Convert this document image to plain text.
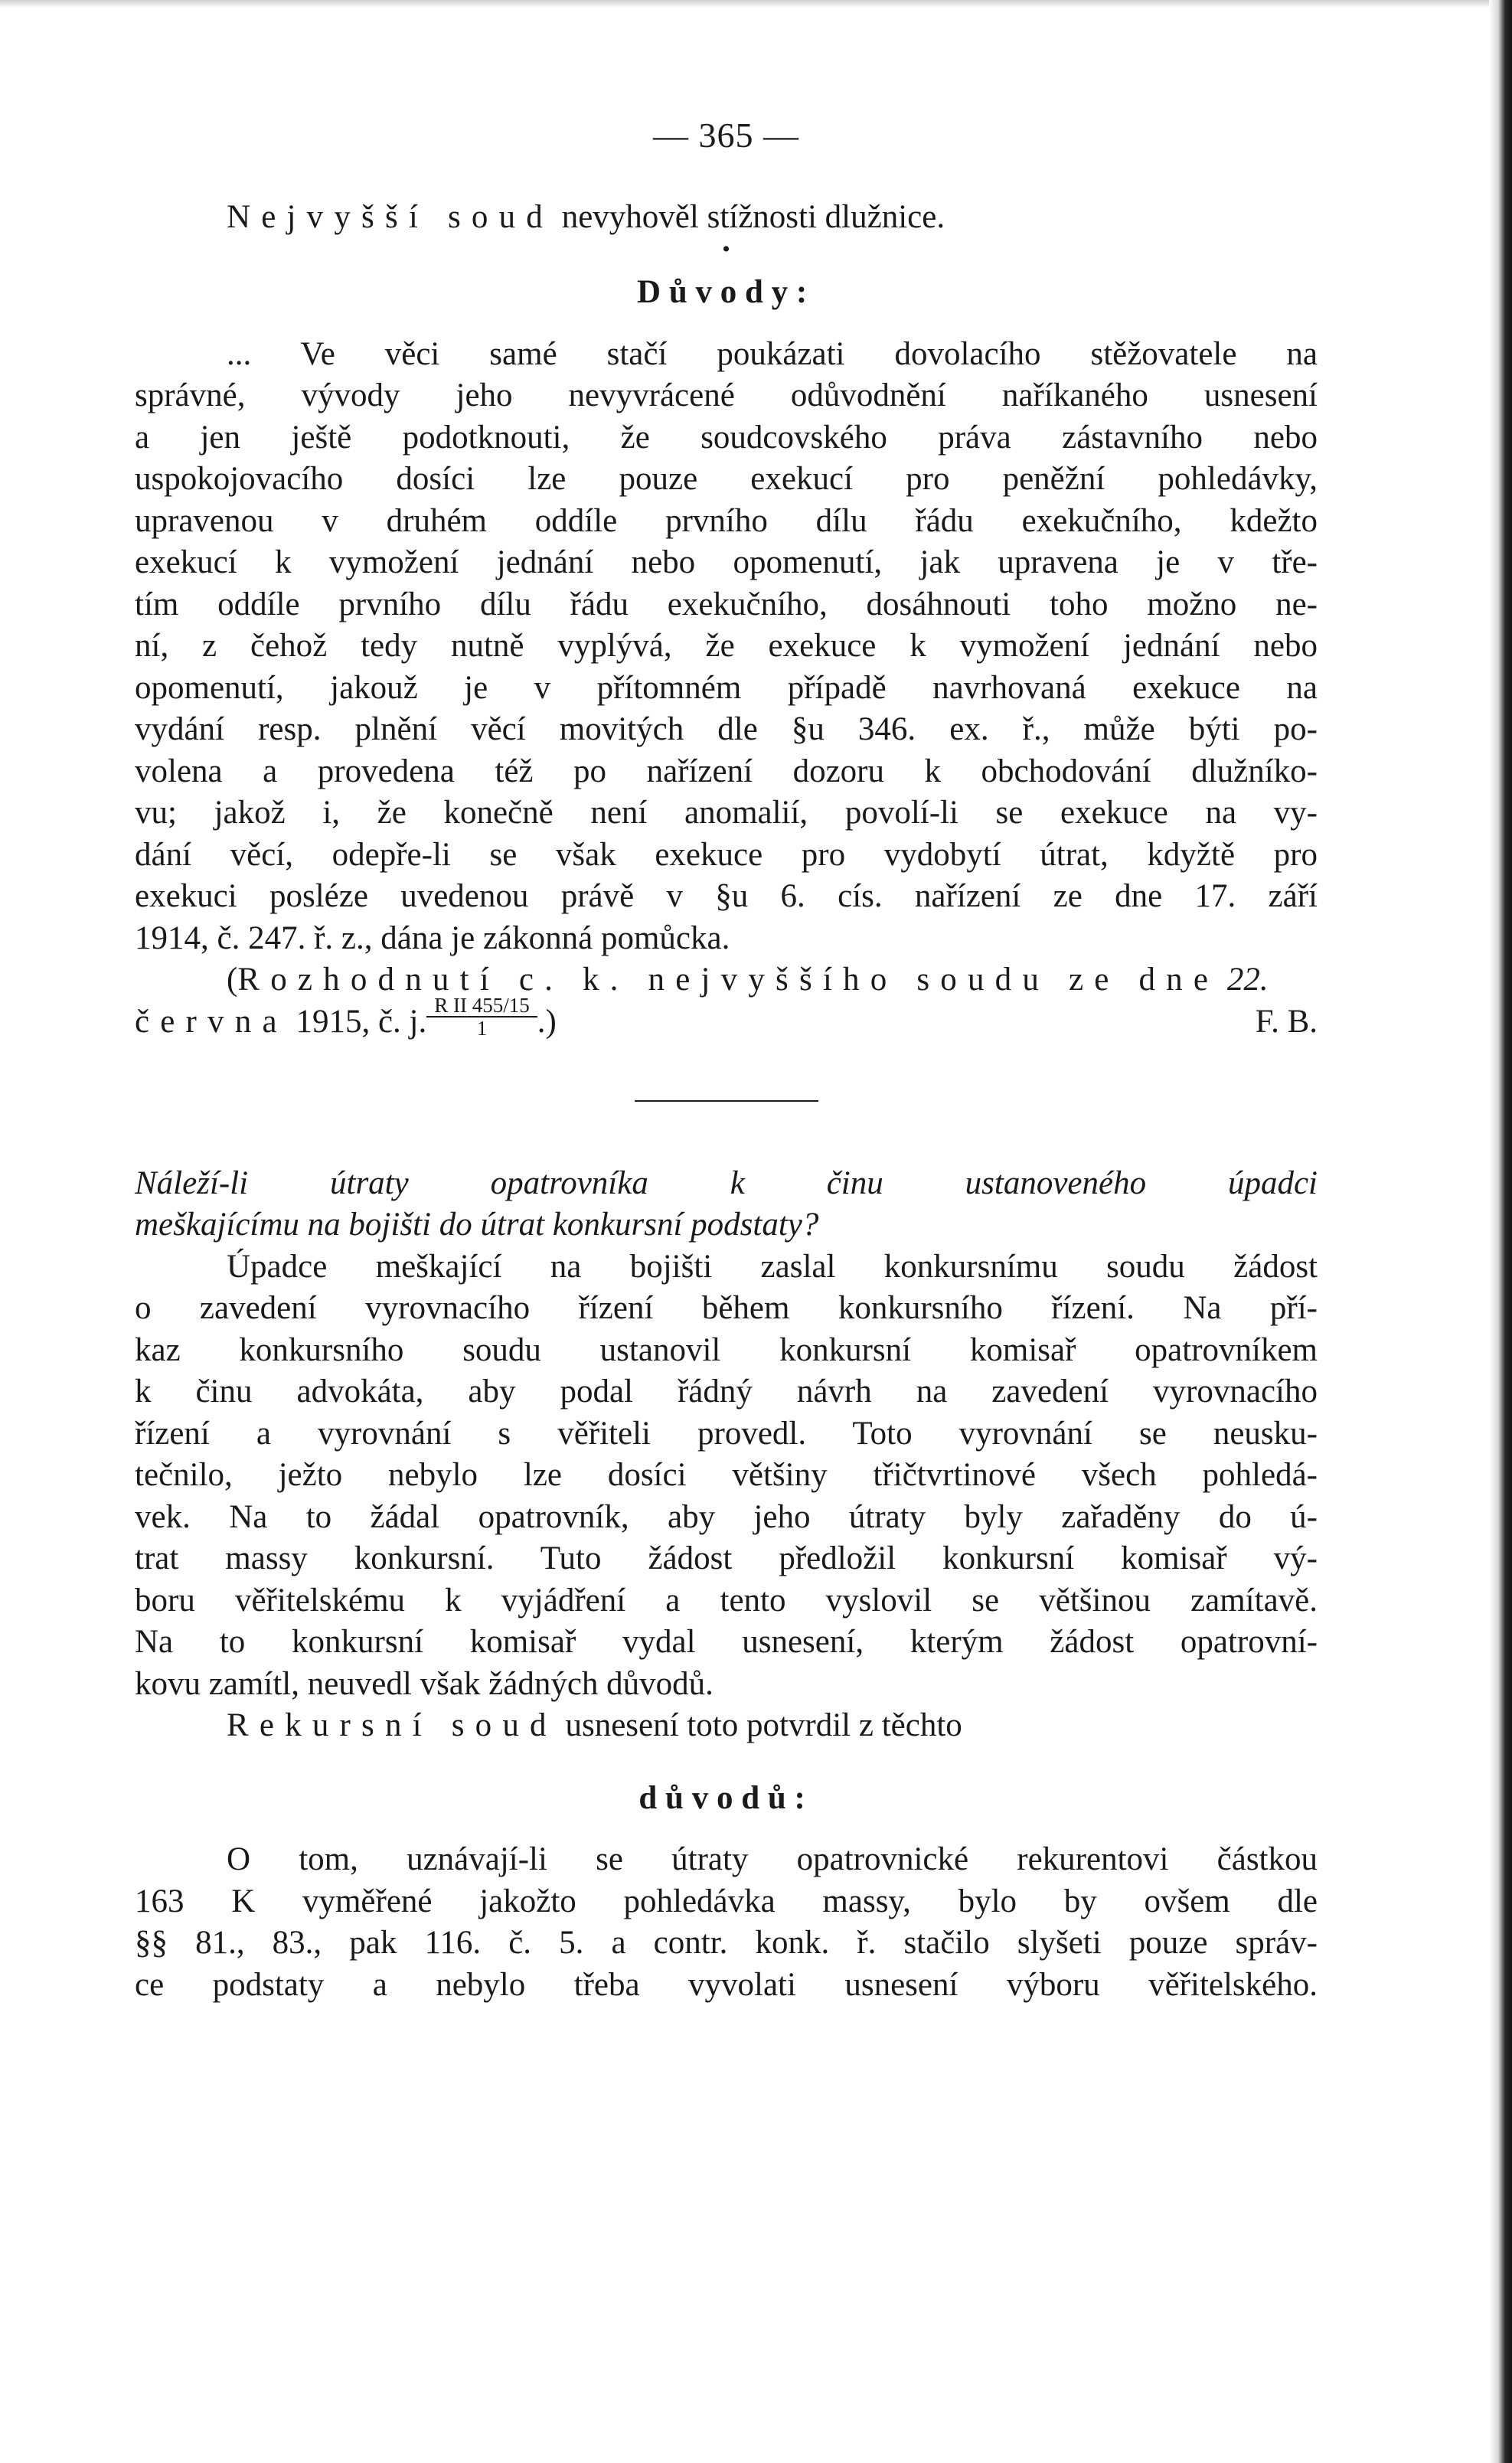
— 365 —
Nejvyšší soud nevyhověl stížnosti dlužnice.
•
Důvody:
... Ve věci samé stačí poukázati dovolacího stěžovatele na
správné, vývody jeho nevyvrácené odůvodnění naříkaného usnesení
a jen ještě podotknouti, že soudcovského práva zástavního nebo
uspokojovacího dosíci lze pouze exekucí pro peněžní pohledávky,
upravenou v druhém oddíle prvního dílu řádu exekučního, kdežto
exekucí k vymožení jednání nebo opomenutí, jak upravena je v tře-
tím oddíle prvního dílu řádu exekučního, dosáhnouti toho možno ne-
ní, z čehož tedy nutně vyplývá, že exekuce k vymožení jednání nebo
opomenutí, jakouž je v přítomném případě navrhovaná exekuce na
vydání resp. plnění věcí movitých dle §u 346. ex. ř., může býti po-
volena a provedena též po nařízení dozoru k obchodování dlužníko-
vu; jakož i, že konečně není anomalií, povolí-li se exekuce na vy-
dání věcí, odepře-li se však exekuce pro vydobytí útrat, kdyžtě pro
exekuci posléze uvedenou právě v §u 6. cís. nařízení ze dne 17. září
1914, č. 247. ř. z., dána je zákonná pomůcka.
(Rozhodnutí c. k. nejvyššího soudu ze dne 22.
června 1915, č. j. $\frac{\text{R II 455/15}}{1}$ .)	F. B.
Náleží-li útraty opatrovníka k činu ustanoveného úpadci
meškajícímu na bojišti do útrat konkursní podstaty?
Úpadce meškající na bojišti zaslal konkursnímu soudu žádost
o zavedení vyrovnacího řízení během konkursního řízení. Na pří-
kaz konkursního soudu ustanovil konkursní komisař opatrovníkem
k činu advokáta, aby podal řádný návrh na zavedení vyrovnacího
řízení a vyrovnání s věřiteli provedl. Toto vyrovnání se neusku-
tečnilo, ježto nebylo lze dosíci většiny třičtvrtinové všech pohledá-
vek. Na to žádal opatrovník, aby jeho útraty byly zařaděny do ú-
trat massy konkursní. Tuto žádost předložil konkursní komisař vý-
boru věřitelskému k vyjádření a tento vyslovil se většinou zamítavě.
Na to konkursní komisař vydal usnesení, kterým žádost opatrovní-
kovu zamítl, neuvedl však žádných důvodů.
Rekursní soud usnesení toto potvrdil z těchto
důvodů:
O tom, uznávají-li se útraty opatrovnické rekurentovi částkou
163 K vyměřené jakožto pohledávka massy, bylo by ovšem dle
§§ 81., 83., pak 116. č. 5. a contr. konk. ř. stačilo slyšeti pouze správ-
ce podstaty a nebylo třeba vyvolati usnesení výboru věřitelského.
